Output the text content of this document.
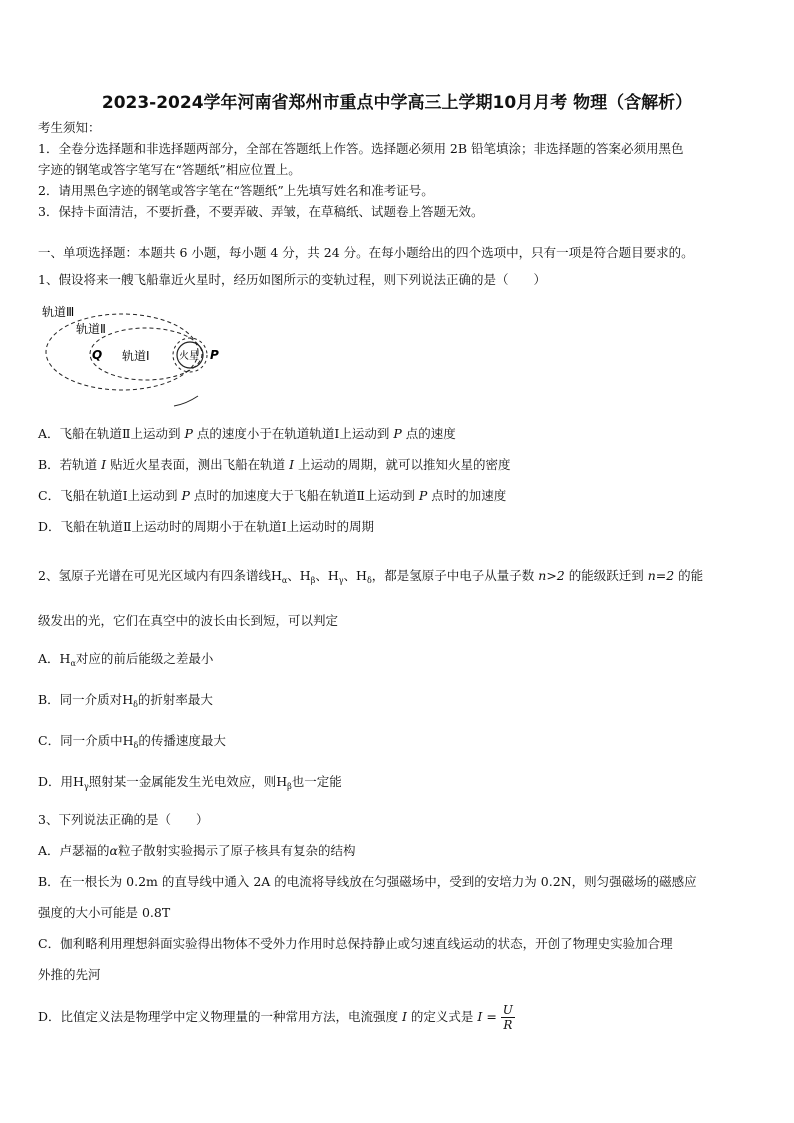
2023-2024学年河南省郑州市重点中学高三上学期10月月考 物理（含解析）
考生须知：
1．全卷分选择题和非选择题两部分，全部在答题纸上作答。选择题必须用 2B 铅笔填涂；非选择题的答案必须用黑色
字迹的钢笔或答字笔写在“答题纸”相应位置上。
2．请用黑色字迹的钢笔或答字笔在“答题纸”上先填写姓名和准考证号。
3．保持卡面清洁，不要折叠，不要弄破、弄皱，在草稿纸、试题卷上答题无效。
一、单项选择题：本题共 6 小题，每小题 4 分，共 24 分。在每小题给出的四个选项中，只有一项是符合题目要求的。
1、假设将来一艘飞船靠近火星时，经历如图所示的变轨过程，则下列说法正确的是（　　）
轨道Ⅲ
轨道Ⅱ
轨道Ⅰ
Q	P
火星
A．飞船在轨道Ⅱ上运动到 P 点的速度小于在轨道轨道Ⅰ上运动到 P 点的速度
B．若轨道 I 贴近火星表面，测出飞船在轨道 I 上运动的周期，就可以推知火星的密度
C．飞船在轨道Ⅰ上运动到 P 点时的加速度大于飞船在轨道Ⅱ上运动到 P 点时的加速度
D．飞船在轨道Ⅱ上运动时的周期小于在轨道Ⅰ上运动时的周期
2、氢原子光谱在可见光区域内有四条谱线$H_\alpha$、$H_\beta$、$H_\gamma$、$H_\delta$，都是氢原子中电子从量子数 n>2 的能级跃迁到 n=2 的能
级发出的光，它们在真空中的波长由长到短，可以判定
A．$H_\alpha$对应的前后能级之差最小
B．同一介质对$H_\delta$的折射率最大
C．同一介质中$H_\delta$的传播速度最大
D．用$H_\gamma$照射某一金属能发生光电效应，则$H_\beta$也一定能
3、下列说法正确的是（　　）
A．卢瑟福的α粒子散射实验揭示了原子核具有复杂的结构
B．在一根长为 0.2m 的直导线中通入 2A 的电流将导线放在匀强磁场中，受到的安培力为 0.2N，则匀强磁场的磁感应
强度的大小可能是 0.8T
C．伽利略利用理想斜面实验得出物体不受外力作用时总保持静止或匀速直线运动的状态，开创了物理史实验加合理
外推的先河
D．比值定义法是物理学中定义物理量的一种常用方法，电流强度 I 的定义式是 $I = \frac{U}{R}$
